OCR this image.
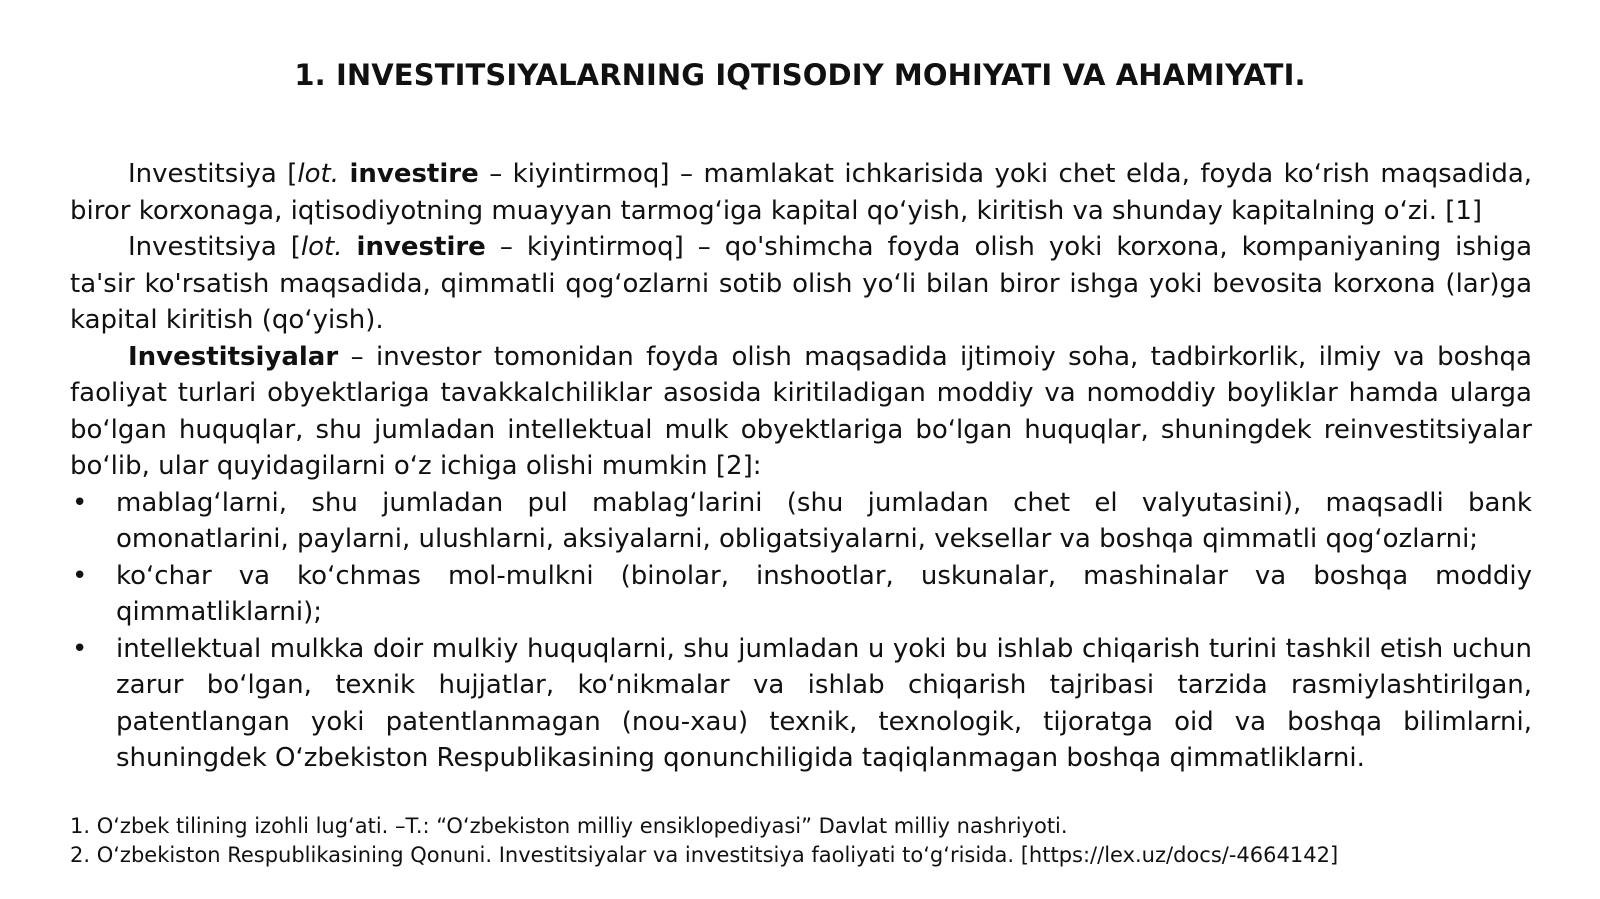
1. INVESTITSIYALARNING IQTISODIY MOHIYATI VA AHAMIYATI.

Investitsiya [lot. investire – kiyintirmoq] – mamlakat ichkarisida yoki chet elda, foyda koʻrish maqsadida, biror korxonaga, iqtisodiyotning muayyan tarmogʻiga kapital qoʻyish, kiritish va shunday kapitalning oʻzi. [1]

Investitsiya [lot. investire – kiyintirmoq] – qo'shimcha foyda olish yoki korxona, kompaniyaning ishiga ta'sir ko'rsatish maqsadida, qimmatli qogʻozlarni sotib olish yoʻli bilan biror ishga yoki bevosita korxona (lar)ga kapital kiritish (qoʻyish).

Investitsiyalar – investor tomonidan foyda olish maqsadida ijtimoiy soha, tadbirkorlik, ilmiy va boshqa faoliyat turlari obyektlariga tavakkalchiliklar asosida kiritiladigan moddiy va nomoddiy boyliklar hamda ularga boʻlgan huquqlar, shu jumladan intellektual mulk obyektlariga boʻlgan huquqlar, shuningdek reinvestitsiyalar boʻlib, ular quyidagilarni oʻz ichiga olishi mumkin [2]:

• mablagʻlarni, shu jumladan pul mablagʻlarini (shu jumladan chet el valyutasini), maqsadli bank omonatlarini, paylarni, ulushlarni, aksiyalarni, obligatsiyalarni, veksellar va boshqa qimmatli qogʻozlarni;
• koʻchar va koʻchmas mol-mulkni (binolar, inshootlar, uskunalar, mashinalar va boshqa moddiy qimmatliklarni);
• intellektual mulkka doir mulkiy huquqlarni, shu jumladan u yoki bu ishlab chiqarish turini tashkil etish uchun zarur boʻlgan, texnik hujjatlar, koʻnikmalar va ishlab chiqarish tajribasi tarzida rasmiylashtirilgan, patentlangan yoki patentlanmagan (nou-xau) texnik, texnologik, tijoratga oid va boshqa bilimlarni, shuningdek Oʻzbekiston Respublikasining qonunchiligida taqiqlanmagan boshqa qimmatliklarni.

1. Oʻzbek tilining izohli lugʻati. –T.: “Oʻzbekiston milliy ensiklopediyasi” Davlat milliy nashriyoti.

2. Oʻzbekiston Respublikasining Qonuni. Investitsiyalar va investitsiya faoliyati toʻgʻrisida. [https://lex.uz/docs/-4664142]
